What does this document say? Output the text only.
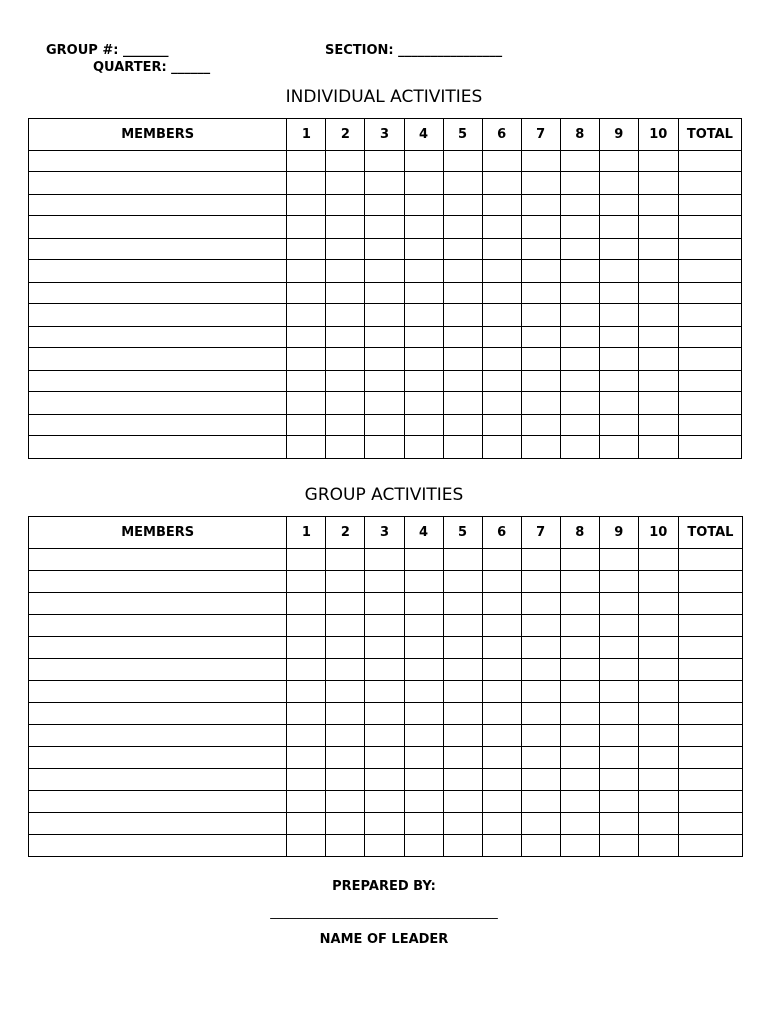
GROUP #: _______	SECTION: ________________
QUARTER: ______
INDIVIDUAL ACTIVITIES
MEMBERS	1	2	3	4	5	6	7	8	9	10	TOTAL

GROUP ACTIVITIES
MEMBERS	1	2	3	4	5	6	7	8	9	10	TOTAL

PREPARED BY:
___________________________________
NAME OF LEADER
